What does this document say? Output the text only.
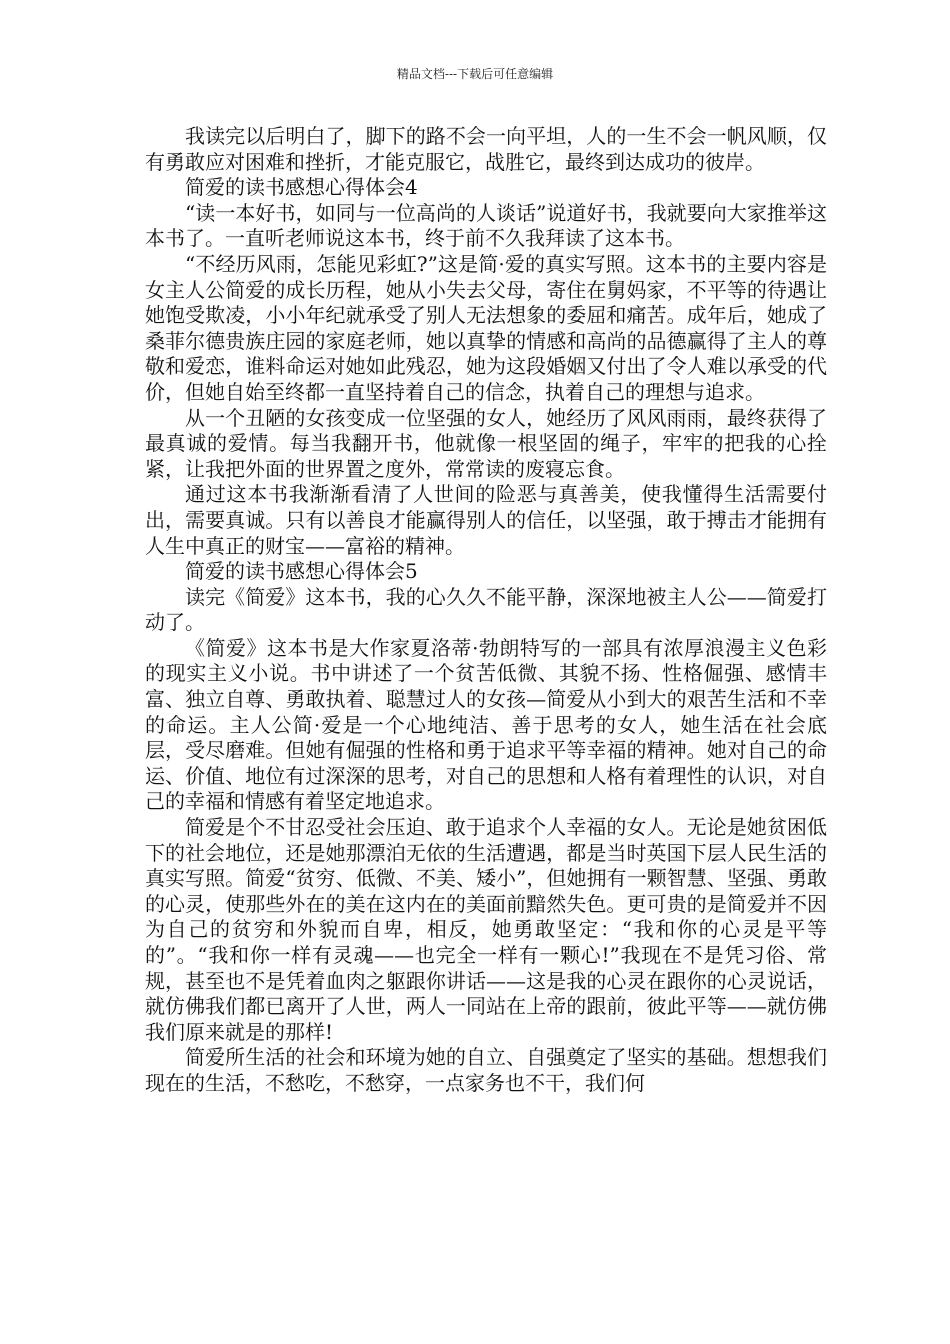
精品文档---下载后可任意编辑

我读完以后明白了，脚下的路不会一向平坦，人的一生不会一帆风顺，仅有勇敢应对困难和挫折，才能克服它，战胜它，最终到达成功的彼岸。

简爱的读书感想心得体会4

“读一本好书，如同与一位高尚的人谈话”说道好书，我就要向大家推举这本书了。一直听老师说这本书，终于前不久我拜读了这本书。

“不经历风雨，怎能见彩虹?”这是简·爱的真实写照。这本书的主要内容是女主人公简爱的成长历程，她从小失去父母，寄住在舅妈家，不平等的待遇让她饱受欺凌，小小年纪就承受了别人无法想象的委屈和痛苦。成年后，她成了桑菲尔德贵族庄园的家庭老师，她以真挚的情感和高尚的品德赢得了主人的尊敬和爱恋，谁料命运对她如此残忍，她为这段婚姻又付出了令人难以承受的代价，但她自始至终都一直坚持着自己的信念，执着自己的理想与追求。

从一个丑陋的女孩变成一位坚强的女人，她经历了风风雨雨，最终获得了最真诚的爱情。每当我翻开书，他就像一根坚固的绳子，牢牢的把我的心拴紧，让我把外面的世界置之度外，常常读的废寝忘食。

通过这本书我渐渐看清了人世间的险恶与真善美，使我懂得生活需要付出，需要真诚。只有以善良才能赢得别人的信任，以坚强，敢于搏击才能拥有人生中真正的财宝——富裕的精神。

简爱的读书感想心得体会5

读完《简爱》这本书，我的心久久不能平静，深深地被主人公——简爱打动了。

《简爱》这本书是大作家夏洛蒂·勃朗特写的一部具有浓厚浪漫主义色彩的现实主义小说。书中讲述了一个贫苦低微、其貌不扬、性格倔强、感情丰富、独立自尊、勇敢执着、聪慧过人的女孩—简爱从小到大的艰苦生活和不幸的命运。主人公简·爱是一个心地纯洁、善于思考的女人，她生活在社会底层，受尽磨难。但她有倔强的性格和勇于追求平等幸福的精神。她对自己的命运、价值、地位有过深深的思考，对自己的思想和人格有着理性的认识，对自己的幸福和情感有着坚定地追求。

简爱是个不甘忍受社会压迫、敢于追求个人幸福的女人。无论是她贫困低下的社会地位，还是她那漂泊无依的生活遭遇，都是当时英国下层人民生活的真实写照。简爱“贫穷、低微、不美、矮小”，但她拥有一颗智慧、坚强、勇敢的心灵，使那些外在的美在这内在的美面前黯然失色。更可贵的是简爱并不因为自己的贫穷和外貌而自卑，相反，她勇敢坚定：“我和你的心灵是平等的”。“我和你一样有灵魂——也完全一样有一颗心!”我现在不是凭习俗、常规，甚至也不是凭着血肉之躯跟你讲话——这是我的心灵在跟你的心灵说话，就仿佛我们都已离开了人世，两人一同站在上帝的跟前，彼此平等——就仿佛我们原来就是的那样!

简爱所生活的社会和环境为她的自立、自强奠定了坚实的基础。想想我们现在的生活，不愁吃，不愁穿，一点家务也不干，我们何
